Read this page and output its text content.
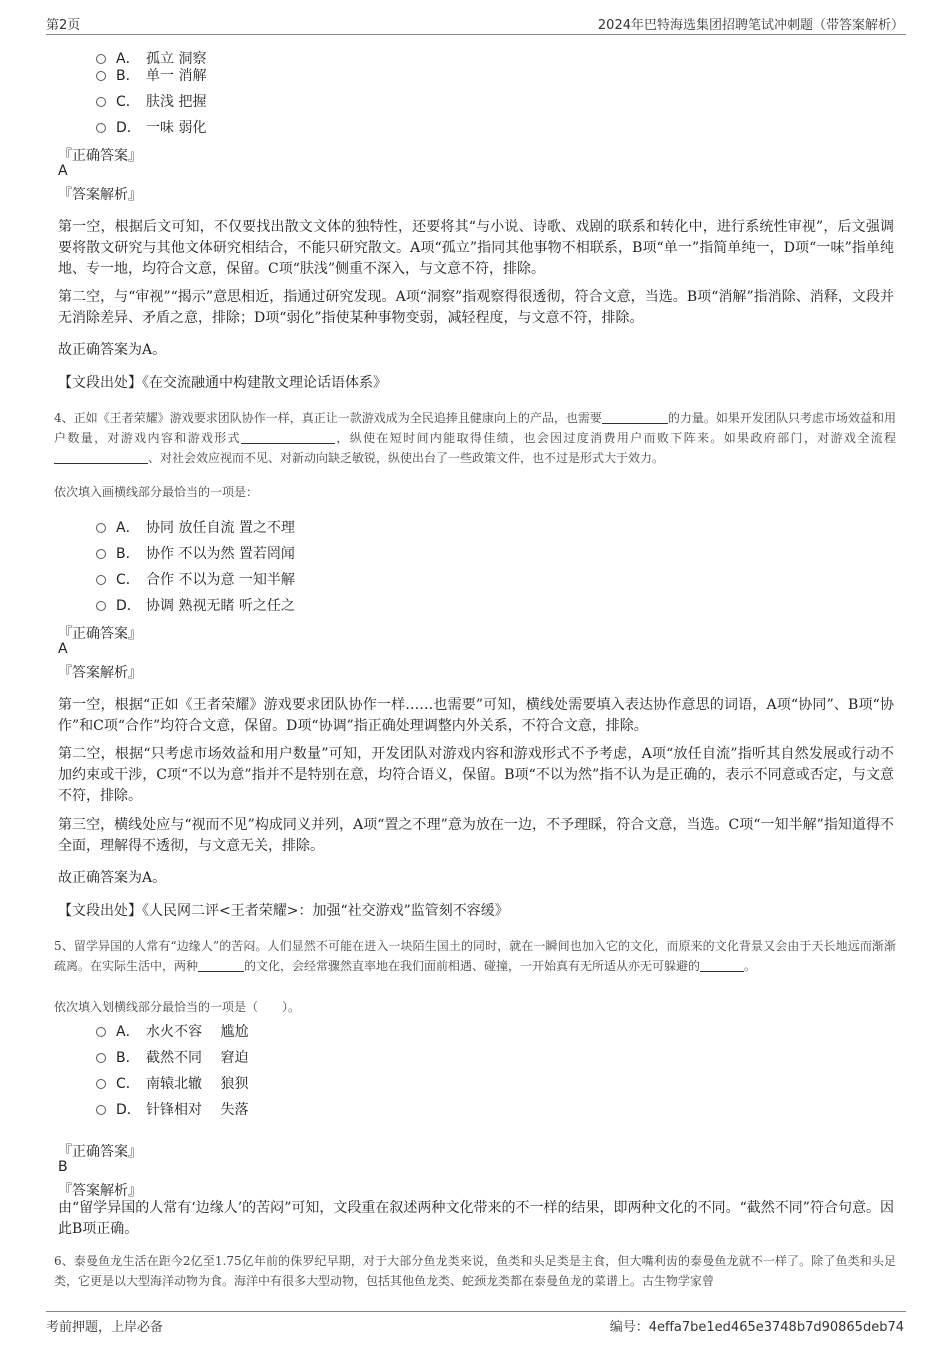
第2页	2024年巴特海选集团招聘笔试冲刺题（带答案解析）
A． 孤立 洞察
B． 单一 消解
C． 肤浅 把握
D． 一味 弱化
『正确答案』
A
『答案解析』
第一空，根据后文可知，不仅要找出散文文体的独特性，还要将其“与小说、诗歌、戏剧的联系和转化中，进行系统性审视”，后文强调要将散文研究与其他文体研究相结合，不能只研究散文。A项“孤立”指同其他事物不相联系，B项“单一”指简单纯一，D项“一味”指单纯地、专一地，均符合文意，保留。C项“肤浅”侧重不深入，与文意不符，排除。
第二空，与“审视”“揭示”意思相近，指通过研究发现。A项“洞察”指观察得很透彻，符合文意，当选。B项“消解”指消除、消释，文段并无消除差异、矛盾之意，排除；D项“弱化”指使某种事物变弱，减轻程度，与文意不符，排除。
故正确答案为A。
【文段出处】《在交流融通中构建散文理论话语体系》
4、正如《王者荣耀》游戏要求团队协作一样，真正让一款游戏成为全民追捧且健康向上的产品，也需要	的力量。如果开发团队只考虑市场效益和用户数量，对游戏内容和游戏形式	，纵使在短时间内能取得佳绩，也会因过度消费用户而败下阵来。如果政府部门，对游戏全流程、对社会效应视而不见、对新动向缺乏敏锐，纵使出台了一些政策文件，也不过是形式大于效力。
依次填入画横线部分最恰当的一项是：
A． 协同 放任自流 置之不理
B． 协作 不以为然 置若罔闻
C． 合作 不以为意 一知半解
D． 协调 熟视无睹 听之任之
『正确答案』
A
『答案解析』
第一空，根据“正如《王者荣耀》游戏要求团队协作一样……也需要”可知，横线处需要填入表达协作意思的词语，A项“协同”、B项“协作”和C项“合作”均符合文意，保留。D项“协调”指正确处理调整内外关系，不符合文意，排除。
第二空，根据“只考虑市场效益和用户数量”可知，开发团队对游戏内容和游戏形式不予考虑，A项“放任自流”指听其自然发展或行动不加约束或干涉，C项“不以为意”指并不是特别在意，均符合语义，保留。B项“不以为然”指不认为是正确的，表示不同意或否定，与文意不符，排除。
第三空，横线处应与“视而不见”构成同义并列，A项“置之不理”意为放在一边，不予理睬，符合文意，当选。C项“一知半解”指知道得不全面，理解得不透彻，与文意无关，排除。
故正确答案为A。
【文段出处】《人民网二评<王者荣耀>：加强“社交游戏”监管刻不容缓》
5、留学异国的人常有“边缘人”的苦闷。人们显然不可能在进入一块陌生国土的同时，就在一瞬间也加入它的文化，而原来的文化背景又会由于天长地远而渐渐疏离。在实际生活中，两种	的文化，会经常骤然直率地在我们面前相遇、碰撞，一开始真有无所适从亦无可躲避的	。
依次填入划横线部分最恰当的一项是（　　）。
A． 水火不容　 尴尬
B． 截然不同　 窘迫
C． 南辕北辙　 狼狈
D． 针锋相对　 失落
『正确答案』
B
『答案解析』
由“留学异国的人常有‘边缘人’的苦闷”可知，文段重在叙述两种文化带来的不一样的结果，即两种文化的不同。“截然不同”符合句意。因此B项正确。
6、泰曼鱼龙生活在距今2亿至1.75亿年前的侏罗纪早期，对于大部分鱼龙类来说，鱼类和头足类是主食，但大嘴利齿的泰曼鱼龙就不一样了。除了鱼类和头足类，它更是以大型海洋动物为食。海洋中有很多大型动物，包括其他鱼龙类、蛇颈龙类都在泰曼鱼龙的菜谱上。古生物学家曾
考前押题，上岸必备	编号：4effa7be1ed465e3748b7d90865deb74
